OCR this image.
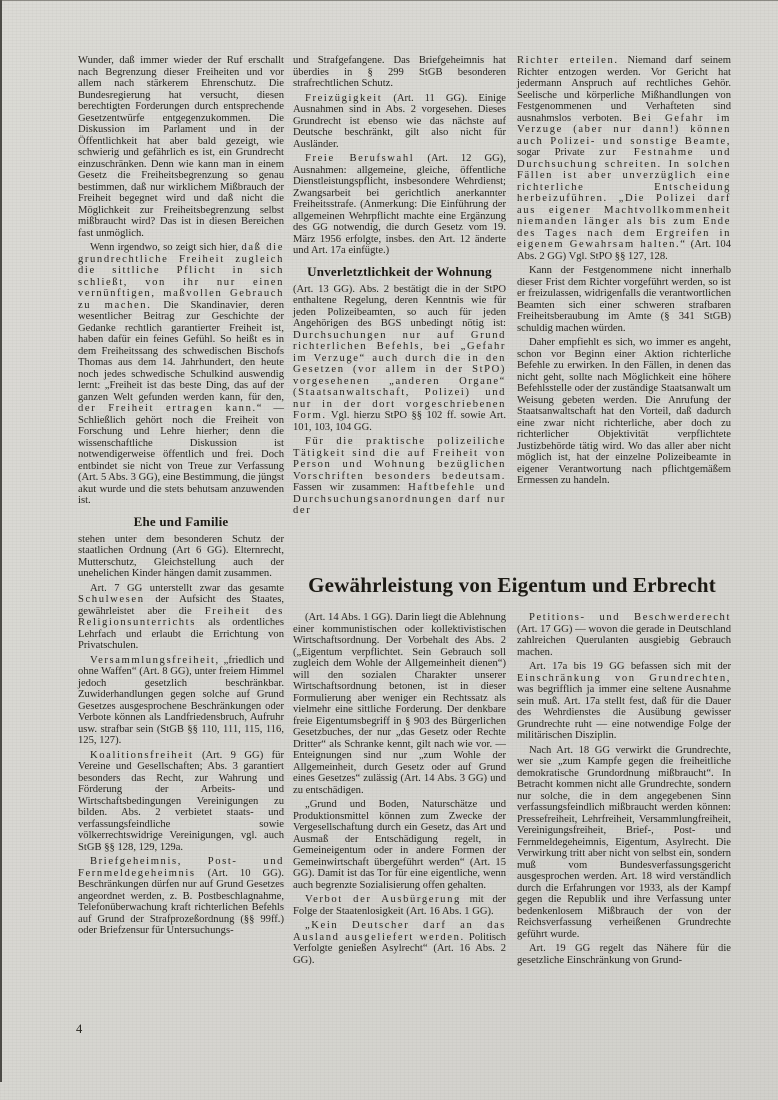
Wunder, daß immer wieder der Ruf erschallt nach Begrenzung dieser Freiheiten und vor allem nach stärkerem Ehrenschutz. Die Bundesregierung hat versucht, diesen berechtigten Forderungen durch entsprechende Gesetzentwürfe entgegenzukommen. Die Diskussion im Parlament und in der Öffentlichkeit hat aber bald gezeigt, wie schwierig und gefährlich es ist, ein Grundrecht einzuschränken. Denn wie kann man in einem Gesetz die Freiheitsbegrenzung so genau bestimmen, daß nur wirklichem Mißbrauch der Freiheit begegnet wird und daß nicht die Möglichkeit zur Freiheitsbegrenzung selbst mißbraucht wird? Das ist in diesen Bereichen fast unmöglich.

Wenn irgendwo, so zeigt sich hier, daß die grundrechtliche Freiheit zugleich die sittliche Pflicht in sich schließt, von ihr nur einen vernünftigen, maßvollen Gebrauch zu machen. Die Skandinavier, deren wesentlicher Beitrag zur Geschichte der Gedanke rechtlich garantierter Freiheit ist, haben dafür ein feines Gefühl. So heißt es in dem Freiheitssang des schwedischen Bischofs Thomas aus dem 14. Jahrhundert, den heute noch jedes schwedische Schulkind auswendig lernt: „Freiheit ist das beste Ding, das auf der ganzen Welt gefunden werden kann, für den, der Freiheit ertragen kann.“ — Schließlich gehört noch die Freiheit von Forschung und Lehre hierher; denn die wissenschaftliche Diskussion ist notwendigerweise öffentlich und frei. Doch entbindet sie nicht von Treue zur Verfassung (Art. 5 Abs. 3 GG), eine Bestimmung, die jüngst akut wurde und die stets behutsam anzuwenden ist.

Ehe und Familie

stehen unter dem besonderen Schutz der staatlichen Ordnung (Art 6 GG). Elternrecht, Mutterschutz, Gleichstellung auch der unehelichen Kinder hängen damit zusammen.

Art. 7 GG unterstellt zwar das gesamte Schulwesen der Aufsicht des Staates, gewährleistet aber die Freiheit des Religionsunterrichts als ordentliches Lehrfach und erlaubt die Errichtung von Privatschulen.

Versammlungsfreiheit, „friedlich und ohne Waffen“ (Art. 8 GG), unter freiem Himmel jedoch gesetzlich beschränkbar. Zuwiderhandlungen gegen solche auf Grund Gesetzes ausgesprochene Beschränkungen oder Verbote können als Landfriedensbruch, Aufruhr usw. strafbar sein (StGB §§ 110, 111, 115, 116, 125, 127).

Koalitionsfreiheit (Art. 9 GG) für Vereine und Gesellschaften; Abs. 3 garantiert besonders das Recht, zur Wahrung und Förderung der Arbeits- und Wirtschaftsbedingungen Vereinigungen zu bilden. Abs. 2 verbietet staats- und verfassungsfeindliche sowie völkerrechtswidrige Vereinigungen, vgl. auch StGB §§ 128, 129, 129a.

Briefgeheimnis, Post- und Fernmeldegeheimnis (Art. 10 GG). Beschränkungen dürfen nur auf Grund Gesetzes angeordnet werden, z. B. Postbeschlagnahme, Telefonüberwachung kraft richterlichen Befehls auf Grund der Strafprozeßordnung (§§ 99ff.) oder Briefzensur für Untersuchungs-

und Strafgefangene. Das Briefgeheimnis hat überdies in § 299 StGB besonderen strafrechtlichen Schutz.

Freizügigkeit (Art. 11 GG). Einige Ausnahmen sind in Abs. 2 vorgesehen. Dieses Grundrecht ist ebenso wie das nächste auf Deutsche beschränkt, gilt also nicht für Ausländer.

Freie Berufswahl (Art. 12 GG), Ausnahmen: allgemeine, gleiche, öffentliche Dienstleistungspflicht, insbesondere Wehrdienst; Zwangsarbeit bei gerichtlich anerkannter Freiheitsstrafe. (Anmerkung: Die Einführung der allgemeinen Wehrpflicht machte eine Ergänzung des GG notwendig, die durch Gesetz vom 19. März 1956 erfolgte, insbes. den Art. 12 änderte und Art. 17a einfügte.)

Unverletztlichkeit der Wohnung

(Art. 13 GG). Abs. 2 bestätigt die in der StPO enthaltene Regelung, deren Kenntnis wie für jeden Polizeibeamten, so auch für jeden Angehörigen des BGS unbedingt nötig ist: Durchsuchungen nur auf Grund richterlichen Befehls, bei „Gefahr im Verzuge“ auch durch die in den Gesetzen (vor allem in der StPO) vorgesehenen „anderen Organe“ (Staatsanwaltschaft, Polizei) und nur in der dort vorgeschriebenen Form. Vgl. hierzu StPO §§ 102 ff. sowie Art. 101, 103, 104 GG.

Für die praktische polizeiliche Tätigkeit sind die auf Freiheit von Person und Wohnung bezüglichen Vorschriften besonders bedeutsam. Fassen wir zusammen: Haftbefehle und Durchsuchungsanordnungen darf nur der

Richter erteilen. Niemand darf seinem Richter entzogen werden. Vor Gericht hat jedermann Anspruch auf rechtliches Gehör. Seelische und körperliche Mißhandlungen von Festgenommenen und Verhafteten sind ausnahmslos verboten. Bei Gefahr im Verzuge (aber nur dann!) können auch Polizei- und sonstige Beamte, sogar Private zur Festnahme und Durchsuchung schreiten. In solchen Fällen ist aber unverzüglich eine richterliche Entscheidung herbeizuführen. „Die Polizei darf aus eigener Machtvollkommenheit niemanden länger als bis zum Ende des Tages nach dem Ergreifen in eigenem Gewahrsam halten.“ (Art. 104 Abs. 2 GG) Vgl. StPO §§ 127, 128.

Kann der Festgenommene nicht innerhalb dieser Frist dem Richter vorgeführt werden, so ist er freizulassen, widrigenfalls die verantwortlichen Beamten sich einer schweren strafbaren Freiheitsberaubung im Amte (§ 341 StGB) schuldig machen würden.

Daher empfiehlt es sich, wo immer es angeht, schon vor Beginn einer Aktion richterliche Befehle zu erwirken. In den Fällen, in denen das nicht geht, sollte nach Möglichkeit eine höhere Befehlsstelle oder der zuständige Staatsanwalt um Weisung gebeten werden. Die Anrufung der Staatsanwaltschaft hat den Vorteil, daß dadurch eine zwar nicht richterliche, aber doch zu richterlicher Objektivität verpflichtete Justizbehörde tätig wird. Wo das aller aber nicht möglich ist, hat der einzelne Polizeibeamte in eigener Verantwortung nach pflichtgemäßem Ermessen zu handeln.

Gewährleistung von Eigentum und Erbrecht

(Art. 14 Abs. 1 GG). Darin liegt die Ablehnung einer kommunistischen oder kollektivistischen Wirtschaftsordnung. Der Vorbehalt des Abs. 2 („Eigentum verpflichtet. Sein Gebrauch soll zugleich dem Wohle der Allgemeinheit dienen“) will den sozialen Charakter unserer Wirtschaftsordnung betonen, ist in dieser Formulierung aber weniger ein Rechtssatz als vielmehr eine sittliche Forderung. Der denkbare freie Eigentumsbegriff in § 903 des Bürgerlichen Gesetzbuches, der nur „das Gesetz oder Rechte Dritter“ als Schranke kennt, gilt nach wie vor. — Enteignungen sind nur „zum Wohle der Allgemeinheit, durch Gesetz oder auf Grund eines Gesetzes“ zulässig (Art. 14 Abs. 3 GG) und zu entschädigen.

„Grund und Boden, Naturschätze und Produktionsmittel können zum Zwecke der Vergesellschaftung durch ein Gesetz, das Art und Ausmaß der Entschädigung regelt, in Gemeineigentum oder in andere Formen der Gemeinwirtschaft übergeführt werden“ (Art. 15 GG). Damit ist das Tor für eine eigentliche, wenn auch begrenzte Sozialisierung offen gehalten.

Verbot der Ausbürgerung mit der Folge der Staatenlosigkeit (Art. 16 Abs. 1 GG).

„Kein Deutscher darf an das Ausland ausgeliefert werden. Politisch Verfolgte genießen Asylrecht“ (Art. 16 Abs. 2 GG).

Petitions- und Beschwerderecht (Art. 17 GG) — wovon die gerade in Deutschland zahlreichen Querulanten ausgiebig Gebrauch machen.

Art. 17a bis 19 GG befassen sich mit der Einschränkung von Grundrechten, was begrifflich ja immer eine seltene Ausnahme sein muß. Art. 17a stellt fest, daß für die Dauer des Wehrdienstes die Ausübung gewisser Grundrechte ruht — eine notwendige Folge der militärischen Disziplin.

Nach Art. 18 GG verwirkt die Grundrechte, wer sie „zum Kampfe gegen die freiheitliche demokratische Grundordnung mißbraucht“. In Betracht kommen nicht alle Grundrechte, sondern nur solche, die in dem angegebenen Sinn verfassungsfeindlich mißbraucht werden können: Pressefreiheit, Lehrfreiheit, Versammlungfreiheit, Vereinigungsfreiheit, Brief-, Post- und Fernmeldegeheimnis, Eigentum, Asylrecht. Die Verwirkung tritt aber nicht von selbst ein, sondern muß vom Bundesverfassungsgericht ausgesprochen werden. Art. 18 wird verständlich durch die Erfahrungen vor 1933, als der Kampf gegen die Republik und ihre Verfassung unter bedenkenlosem Mißbrauch der von der Reichsverfassung verheißenen Grundrechte geführt wurde.

Art. 19 GG regelt das Nähere für die gesetzliche Einschränkung von Grund-

4
